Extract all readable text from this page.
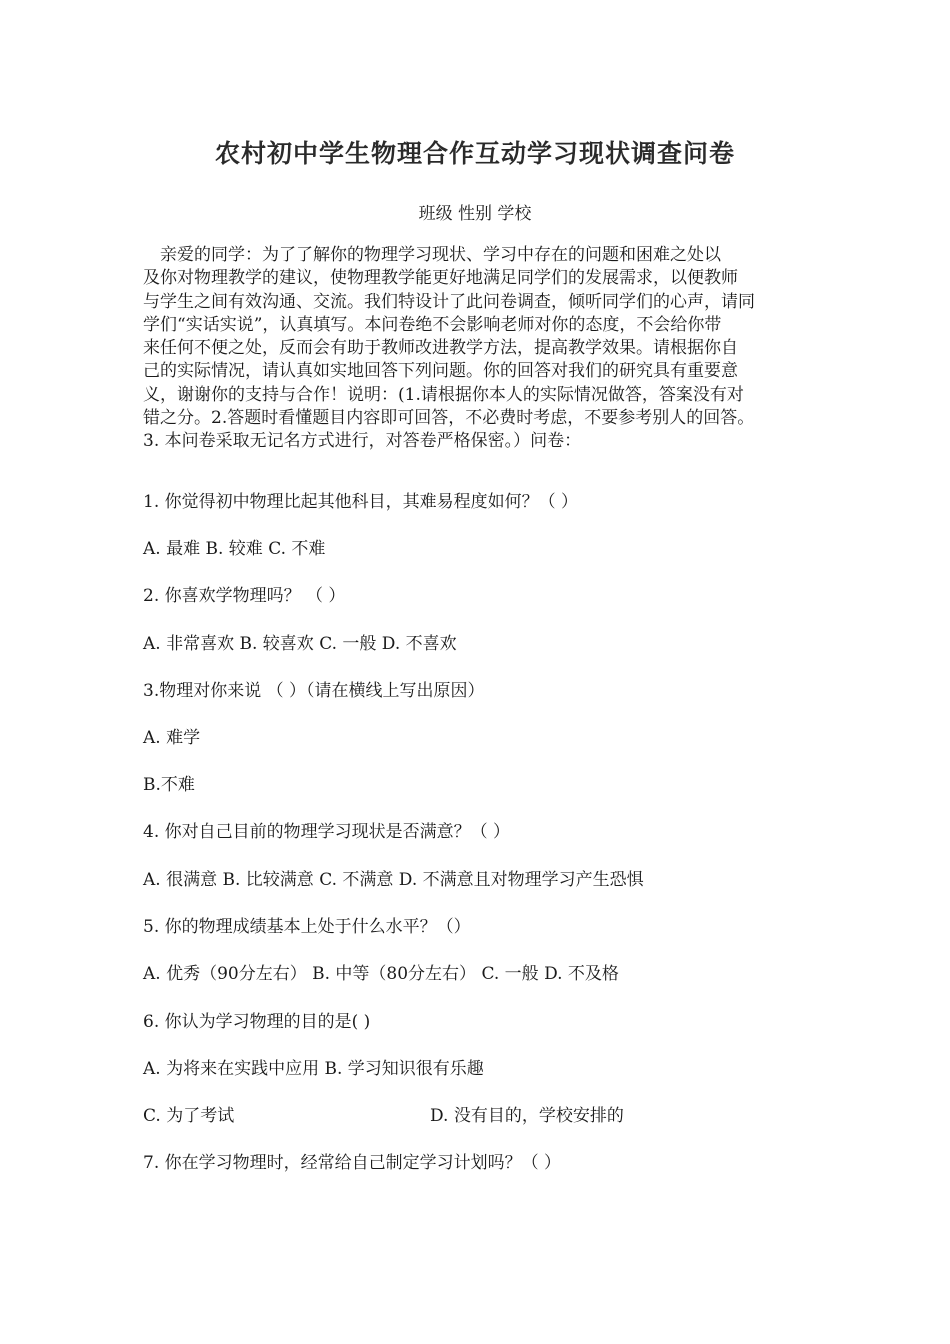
农村初中学生物理合作互动学习现状调查问卷
班级 性别 学校
　亲爱的同学：为了了解你的物理学习现状、学习中存在的问题和困难之处以
及你对物理教学的建议，使物理教学能更好地满足同学们的发展需求，以便教师
与学生之间有效沟通、交流。我们特设计了此问卷调查，倾听同学们的心声，请同
学们“实话实说”，认真填写。本问卷绝不会影响老师对你的态度，不会给你带
来任何不便之处，反而会有助于教师改进教学方法，提高教学效果。请根据你自
己的实际情况，请认真如实地回答下列问题。你的回答对我们的研究具有重要意
义，谢谢你的支持与合作！说明：(1.请根据你本人的实际情况做答，答案没有对
错之分。2.答题时看懂题目内容即可回答，不必费时考虑，不要参考别人的回答。
3. 本问卷采取无记名方式进行，对答卷严格保密。）问卷：
1. 你觉得初中物理比起其他科目，其难易程度如何？（ ）
A. 最难 B. 较难 C. 不难
2. 你喜欢学物理吗？ （ ）
A. 非常喜欢 B. 较喜欢 C. 一般 D. 不喜欢
3.物理对你来说 （ ）（请在横线上写出原因）
A. 难学
B.不难
4. 你对自己目前的物理学习现状是否满意？（ ）
A. 很满意 B. 比较满意 C. 不满意 D. 不满意且对物理学习产生恐惧
5. 你的物理成绩基本上处于什么水平？（）
A. 优秀（90分左右） B. 中等（80分左右） C. 一般 D. 不及格
6. 你认为学习物理的目的是( )
A. 为将来在实践中应用 B. 学习知识很有乐趣
C. 为了考试	D. 没有目的，学校安排的
7. 你在学习物理时，经常给自己制定学习计划吗？（ ）
